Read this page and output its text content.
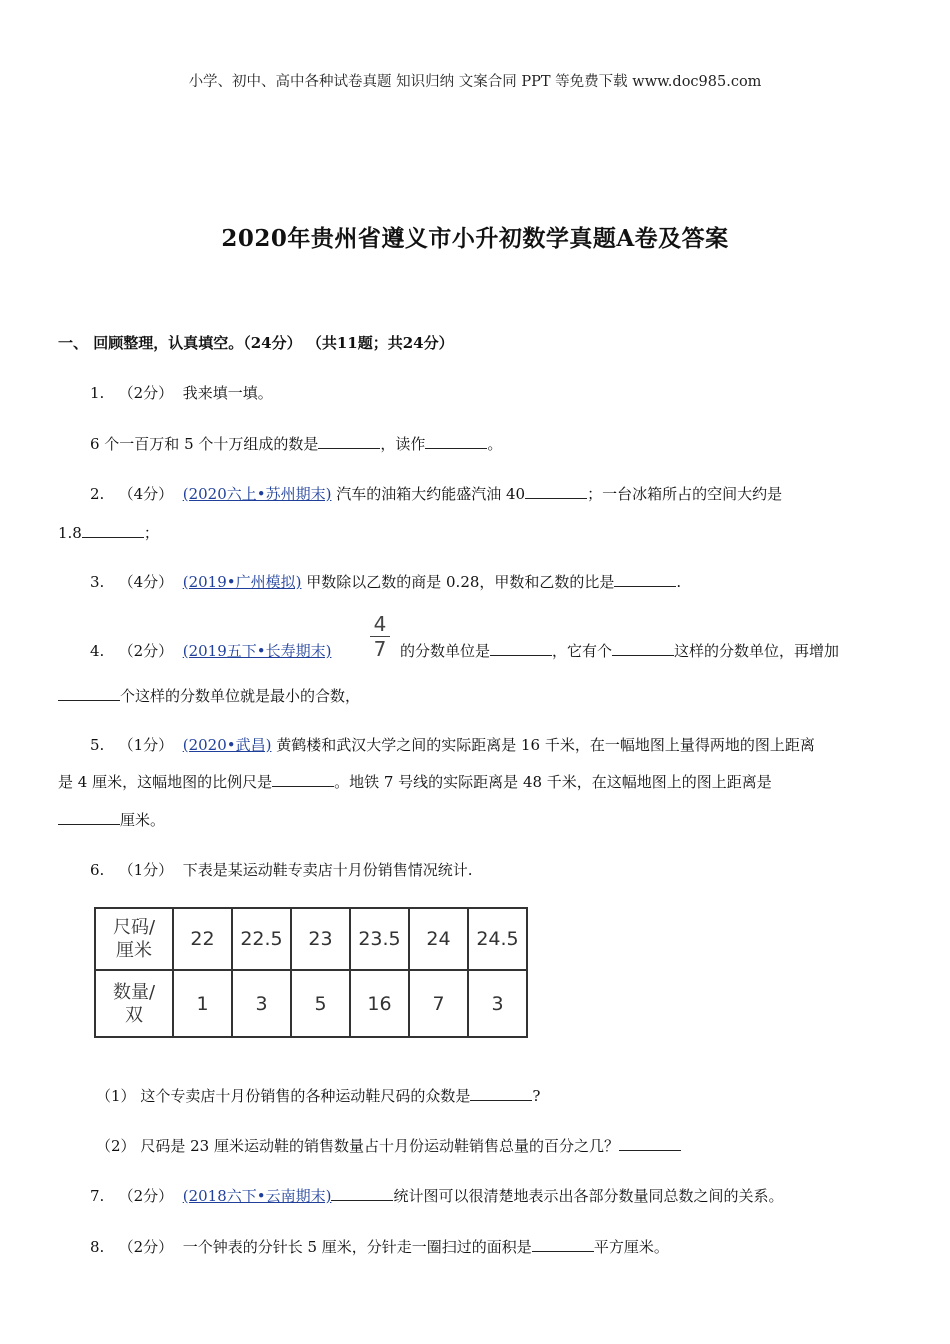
小学、初中、高中各种试卷真题 知识归纳 文案合同 PPT 等免费下载 www.doc985.com
2020年贵州省遵义市小升初数学真题A卷及答案
一、 回顾整理，认真填空。（24分） （共11题；共24分）
1. （2分） 我来填一填。
6 个一百万和 5 个十万组成的数是	，读作	。
2. （4分） (2020六上•苏州期末) 汽车的油箱大约能盛汽油 40	；一台冰箱所占的空间大约是
1.8	；
3. （4分） (2019•广州模拟) 甲数除以乙数的商是 0.28，甲数和乙数的比是	.
4
7
4. （2分） (2019五下•长寿期末)	的分数单位是	，它有个	这样的分数单位，再增加
个这样的分数单位就是最小的合数，
5. （1分） (2020•武昌) 黄鹤楼和武汉大学之间的实际距离是 16 千米，在一幅地图上量得两地的图上距离
是 4 厘米，这幅地图的比例尺是	。地铁 7 号线的实际距离是 48 千米，在这幅地图上的图上距离是
厘米。
6. （1分） 下表是某运动鞋专卖店十月份销售情况统计.
尺码/
厘米	22	22.5	23	23.5	24	24.5
数量/
双	1	3	5	16	7	3
（1） 这个专卖店十月份销售的各种运动鞋尺码的众数是	?
（2） 尺码是 23 厘米运动鞋的销售数量占十月份运动鞋销售总量的百分之几？
7. （2分） (2018六下•云南期末)	统计图可以很清楚地表示出各部分数量同总数之间的关系。
8. （2分） 一个钟表的分针长 5 厘米，分针走一圈扫过的面积是	平方厘米。
